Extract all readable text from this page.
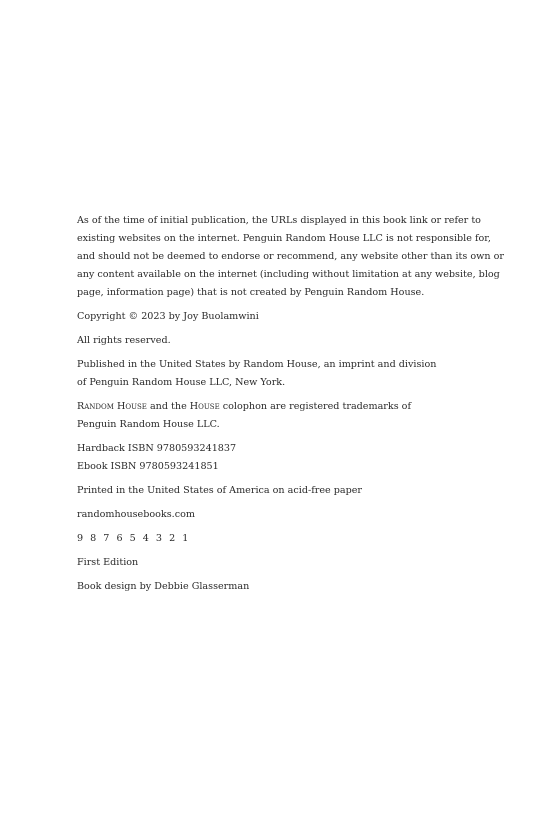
As of the time of initial publication, the URLs displayed in this book link or refer to
existing websites on the internet. Penguin Random House LLC is not responsible for,
and should not be deemed to endorse or recommend, any website other than its own or
any content available on the internet (including without limitation at any website, blog
page, information page) that is not created by Penguin Random House.

Copyright © 2023 by Joy Buolamwini

All rights reserved.

Published in the United States by Random House, an imprint and division
of Penguin Random House LLC, New York.

Random House and the House colophon are registered trademarks of
Penguin Random House LLC.

Hardback ISBN 9780593241837
Ebook ISBN 9780593241851

Printed in the United States of America on acid-free paper

randomhousebooks.com

9 8 7 6 5 4 3 2 1

First Edition

Book design by Debbie Glasserman
